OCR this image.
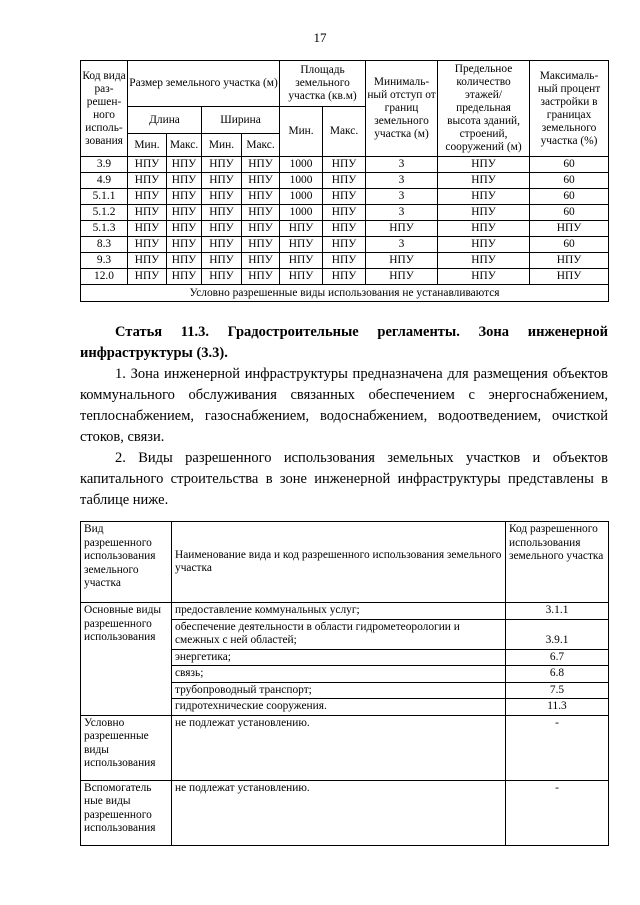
17
Код вида раз-решен-ного исполь-зования	Размер земельного участка (м)				Площадь земельного участка (кв.м)		Минималь-ный отступ от границ земельного участка (м)	Предельное количество этажей/ предельная высота зданий, строений, сооружений (м)	Максималь-ный процент застройки в границах земельного участка (%)
	Длина		Ширина		Мин.	Макс.			
	Мин.	Макс.	Мин.	Макс.					
3.9	НПУ	НПУ	НПУ	НПУ	1000	НПУ	3	НПУ	60
4.9	НПУ	НПУ	НПУ	НПУ	1000	НПУ	3	НПУ	60
5.1.1	НПУ	НПУ	НПУ	НПУ	1000	НПУ	3	НПУ	60
5.1.2	НПУ	НПУ	НПУ	НПУ	1000	НПУ	3	НПУ	60
5.1.3	НПУ	НПУ	НПУ	НПУ	НПУ	НПУ	НПУ	НПУ	НПУ
8.3	НПУ	НПУ	НПУ	НПУ	НПУ	НПУ	3	НПУ	60
9.3	НПУ	НПУ	НПУ	НПУ	НПУ	НПУ	НПУ	НПУ	НПУ
12.0	НПУ	НПУ	НПУ	НПУ	НПУ	НПУ	НПУ	НПУ	НПУ
Условно разрешенные виды использования не устанавливаются									

Статья 11.3. Градостроительные регламенты. Зона инженерной инфраструктуры (3.3).

1. Зона инженерной инфраструктуры предназначена для размещения объектов коммунального обслуживания связанных обеспечением с энергоснабжением, теплоснабжением, газоснабжением, водоснабжением, водоотведением, очисткой стоков, связи.

2. Виды разрешенного использования земельных участков и объектов капитального строительства в зоне инженерной инфраструктуры представлены в таблице ниже.

Вид разрешенного использования земельного участка	Наименование вида и код разрешенного использования земельного участка	Код разрешенного использования земельного участка
Основные виды разрешенного использования	предоставление коммунальных услуг;	3.1.1
	обеспечение деятельности в области гидрометеорологии и смежных с ней областей;	3.9.1
	энергетика;	6.7
	связь;	6.8
	трубопроводный транспорт;	7.5
	гидротехнические сооружения.	11.3
Условно разрешенные виды использования	не подлежат установлению.	-
Вспомогатель ные виды разрешенного использования	не подлежат установлению.	-
